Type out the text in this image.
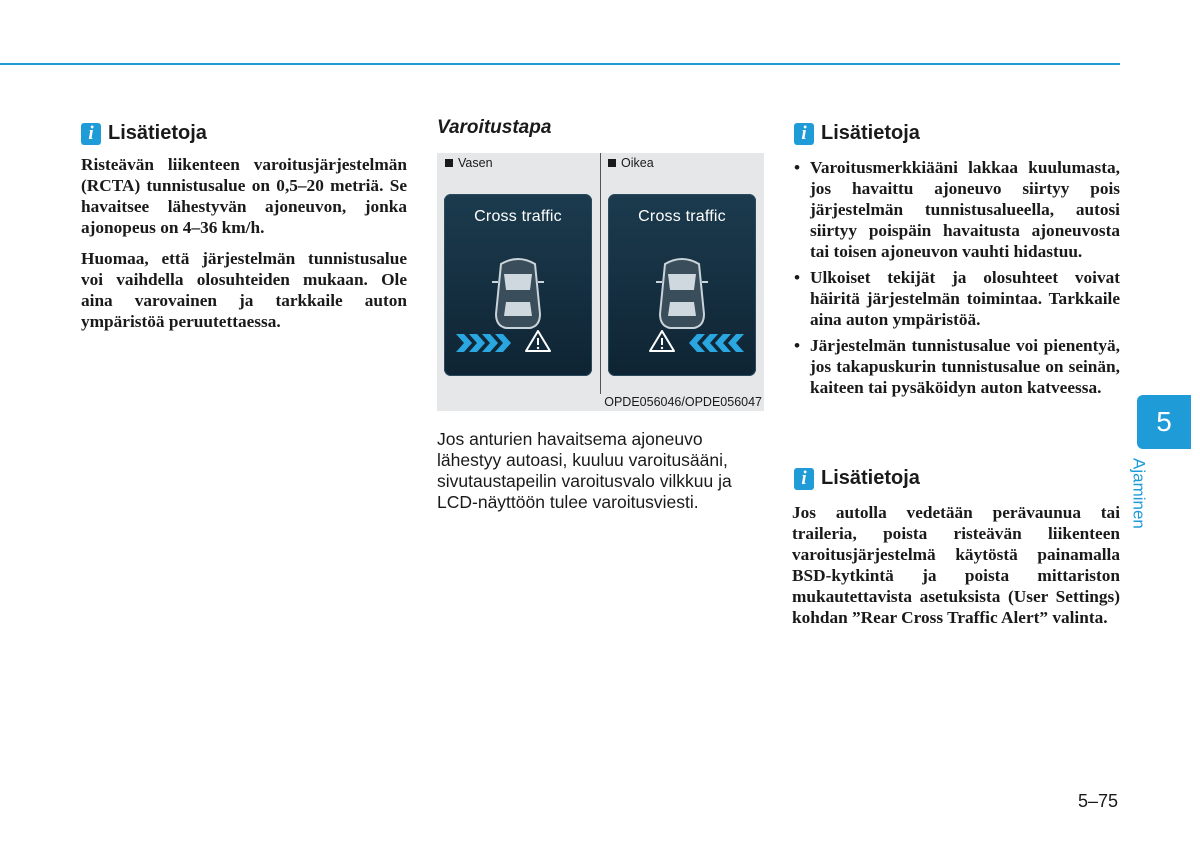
i Lisätietoja

Risteävän liikenteen varoitusjärjestelmän (RCTA) tunnistusalue on 0,5–20 metriä. Se havaitsee lähestyvän ajoneuvon, jonka ajonopeus on 4–36 km/h.

Huomaa, että järjestelmän tunnistusalue voi vaihdella olosuhteiden mukaan. Ole aina varovainen ja tarkkaile auton ympäristöä peruutettaessa.

Varoitustapa
Vasen	Oikea
Cross traffic	Cross traffic
OPDE056046/OPDE056047
Jos anturien havaitsema ajoneuvo lähestyy autoasi, kuuluu varoitusääni, sivutaustapeilin varoitusvalo vilkkuu ja LCD-näyttöön tulee varoitusviesti.
i Lisätietoja
• Varoitusmerkkiääni lakkaa kuulumasta, jos havaittu ajoneuvo siirtyy pois järjestelmän tunnistusalueella, autosi siirtyy poispäin havaitusta ajoneuvosta tai toisen ajoneuvon vauhti hidastuu.
• Ulkoiset tekijät ja olosuhteet voivat häiritä järjestelmän toimintaa. Tarkkaile aina auton ympäristöä.
• Järjestelmän tunnistusalue voi pienentyä, jos takapuskurin tunnistusalue on seinän, kaiteen tai pysäköidyn auton katveessa.
i Lisätietoja

Jos autolla vedetään perävaunua tai traileria, poista risteävän liikenteen varoitusjärjestelmä käytöstä painamalla BSD-kytkintä ja poista mittariston mukautettavista asetuksista (User Settings) kohdan ”Rear Cross Traffic Alert” valinta.

5
Ajaminen
5–75
